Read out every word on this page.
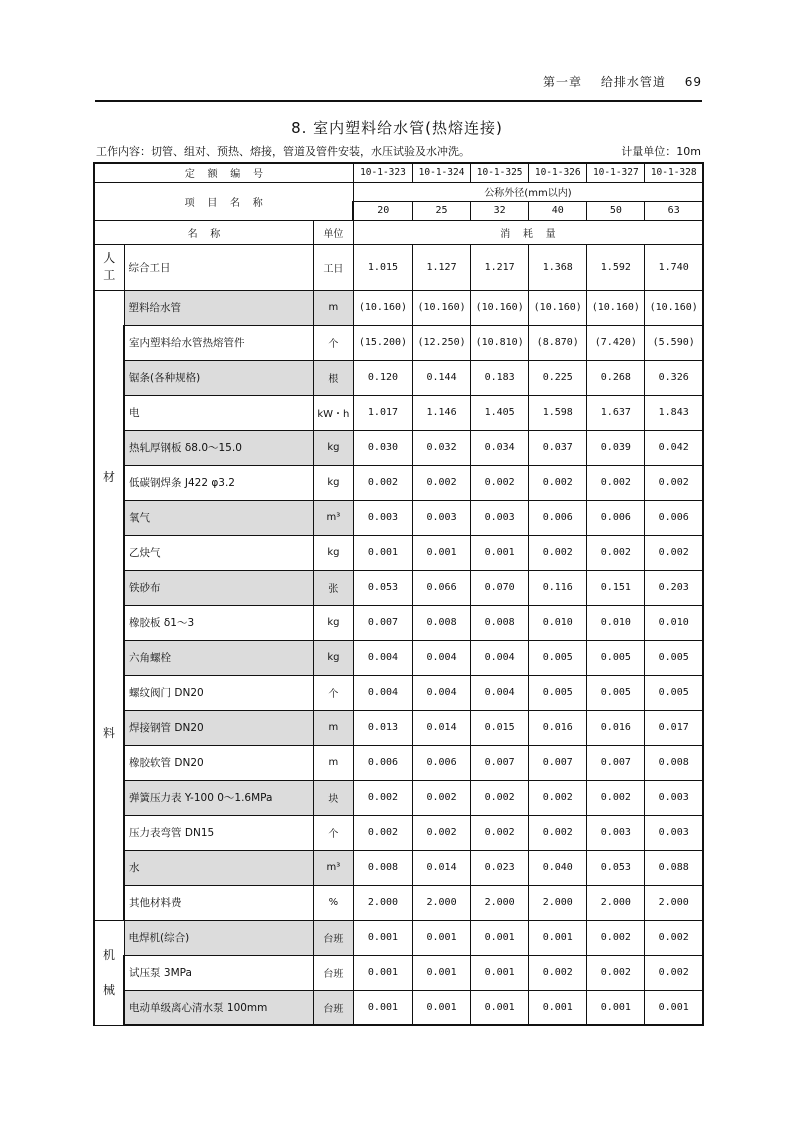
第一章 给排水管道 69
8. 室内塑料给水管(热熔连接)
工作内容：切管、组对、预热、熔接，管道及管件安装，水压试验及水冲洗。	计量单位：10m
定    额    编    号			10-1-323	10-1-324	10-1-325	10-1-326	10-1-327	10-1-328
项    目    名    称			公称外径(mm以内)					
			20	25	32	40	50	63
名    称		单位	消    耗    量					

人
工	综合工日	工日	1.015	1.127	1.217	1.368	1.592	1.740

材
料	塑料给水管	m	(10.160)	(10.160)	(10.160)	(10.160)	(10.160)	(10.160)
	室内塑料给水管热熔管件	个	(15.200)	(12.250)	(10.810)	(8.870)	(7.420)	(5.590)
	锯条(各种规格)	根	0.120	0.144	0.183	0.225	0.268	0.326
	电	kW・h	1.017	1.146	1.405	1.598	1.637	1.843
	热轧厚钢板 δ8.0～15.0	kg	0.030	0.032	0.034	0.037	0.039	0.042
	低碳钢焊条 J422 φ3.2	kg	0.002	0.002	0.002	0.002	0.002	0.002
	氧气	m³	0.003	0.003	0.003	0.006	0.006	0.006
	乙炔气	kg	0.001	0.001	0.001	0.002	0.002	0.002
	铁砂布	张	0.053	0.066	0.070	0.116	0.151	0.203
	橡胶板 δ1～3	kg	0.007	0.008	0.008	0.010	0.010	0.010
	六角螺栓	kg	0.004	0.004	0.004	0.005	0.005	0.005
	螺纹阀门 DN20	个	0.004	0.004	0.004	0.005	0.005	0.005
	焊接钢管 DN20	m	0.013	0.014	0.015	0.016	0.016	0.017
	橡胶软管 DN20	m	0.006	0.006	0.007	0.007	0.007	0.008
	弹簧压力表 Y-100 0～1.6MPa	块	0.002	0.002	0.002	0.002	0.002	0.003
	压力表弯管 DN15	个	0.002	0.002	0.002	0.002	0.003	0.003
	水	m³	0.008	0.014	0.023	0.040	0.053	0.088
	其他材料费	%	2.000	2.000	2.000	2.000	2.000	2.000

机
械	电焊机(综合)	台班	0.001	0.001	0.001	0.001	0.002	0.002
	试压泵 3MPa	台班	0.001	0.001	0.001	0.002	0.002	0.002
	电动单级离心清水泵 100mm	台班	0.001	0.001	0.001	0.001	0.001	0.001
